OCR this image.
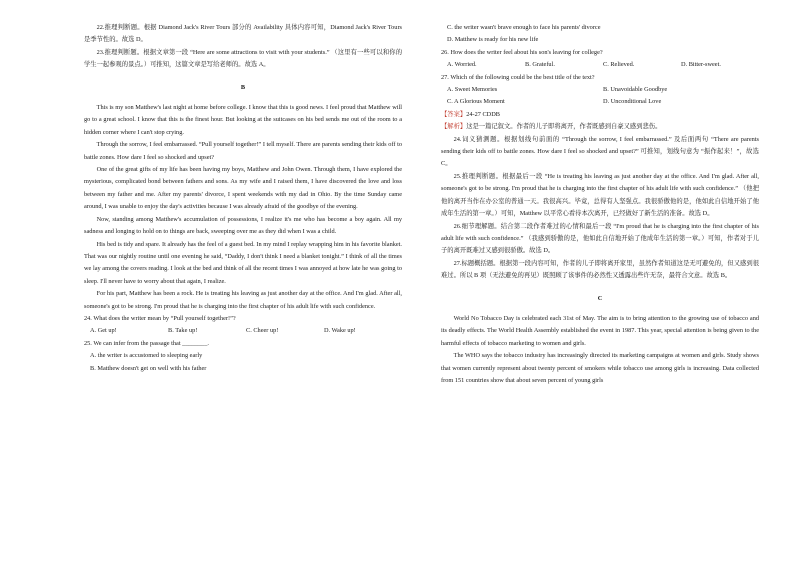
22.推理判断题。根据 Diamond Jack's River Tours 部分的 Availability 具体内容可知，Diamond Jack's River Tours 是季节性的。故选 D。

23.推理判断题。根据文章第一段 “Here are some attractions to visit with your students.” （这里有一些可以和你的学生一起参观的景点。）可推知，这篇文章是写给老师的。故选 A。

B

This is my son Matthew's last night at home before college. I know that this is good news. I feel proud that Matthew will go to a great school. I know that this is the finest hour. But looking at the suitcases on his bed sends me out of the room to a hidden corner where I can't stop crying.

Through the sorrow, I feel embarrassed. “Pull yourself together!” I tell myself. There are parents sending their kids off to battle zones. How dare I feel so shocked and upset?

One of the great gifts of my life has been having my boys, Matthew and John Owen. Through them, I have explored the mysterious, complicated bond between fathers and sons. As my wife and I raised them, I have discovered the love and loss between my father and me. After my parents' divorce, I spent weekends with my dad in Ohio. By the time Sunday came around, I was unable to enjoy the day's activities because I was already afraid of the goodbye of the evening.

Now, standing among Matthew's accumulation of possessions, I realize it's me who has become a boy again. All my sadness and longing to hold on to things are back, sweeping over me as they did when I was a child.

His bed is tidy and spare. It already has the feel of a guest bed. In my mind I replay wrapping him in his favorite blanket. That was our nightly routine until one evening he said, “Daddy, I don't think I need a blanket tonight.” I think of all the times we lay among the covers reading. I look at the bed and think of all the recent times I was annoyed at how late he was going to sleep. I'll never have to worry about that again, I realize.

For his part, Matthew has been a rock. He is treating his leaving as just another day at the office. And I'm glad. After all, someone's got to be strong. I'm proud that he is charging into the first chapter of his adult life with such confidence.

24. What does the writer mean by “Pull yourself together!”?

A. Get up!	B. Take up!	C. Cheer up!	D. Wake up!

25. We can infer from the passage that ________.

A. the writer is accustomed to sleeping early
B. Matthew doesn't get on well with his father
C. the writer wasn't brave enough to face his parents' divorce
D. Matthew is ready for his new life

26. How does the writer feel about his son's leaving for college?

A. Worried.	B. Grateful.	C. Relieved.	D. Bitter-sweet.

27. Which of the following could be the best title of the text?

A. Sweet Memories	B. Unavoidable Goodbye
C. A Glorious Moment	D. Unconditional Love

【答案】24-27 CDDB

【解析】这是一篇记叙文。作者的儿子即将离开，作者既感到自豪又感到悲伤。

24.词义猜测题。根据划线句前面的 “Through the sorrow, I feel embarrassed.” 及后面两句 “There are parents sending their kids off to battle zones. How dare I feel so shocked and upset?” 可推知，划线句意为 “振作起来！”，故选 C。

25.推理判断题。根据最后一段 “He is treating his leaving as just another day at the office. And I'm glad. After all, someone's got to be strong. I'm proud that he is charging into the first chapter of his adult life with such confidence.” （他把他的离开当作在办公室的普通一天。我很高兴。毕竟，总得有人坚强点。我很骄傲他的是，他如此自信地开始了他成年生活的第一章。）可知，Matthew 以平常心看待本次离开，已经做好了新生活的准备。故选 D。

26.细节理解题。结合第二段作者难过的心情和最后一段 “I'm proud that he is charging into the first chapter of his adult life with such confidence.” （我感到骄傲的是，他如此自信地开始了他成年生活的第一章。）可知，作者对于儿子的离开既难过又感到很骄傲。故选 D。

27.标题概括题。根据第一段内容可知，作者的儿子即将离开家里，虽然作者知道这是无可避免的，但又感到很难过。所以 B 项（无法避免的再见）既照顾了该事件的必然性又透露出些许无奈，最符合文意。故选 B。

C

World No Tobacco Day is celebrated each 31st of May. The aim is to bring attention to the growing use of tobacco and its deadly effects. The World Health Assembly established the event in 1987. This year, special attention is being given to the harmful effects of tobacco marketing to women and girls.

The WHO says the tobacco industry has increasingly directed its marketing campaigns at women and girls. Study shows that women currently represent about twenty percent of smokers while tobacco use among girls is increasing. Data collected from 151 countries show that about seven percent of young girls
